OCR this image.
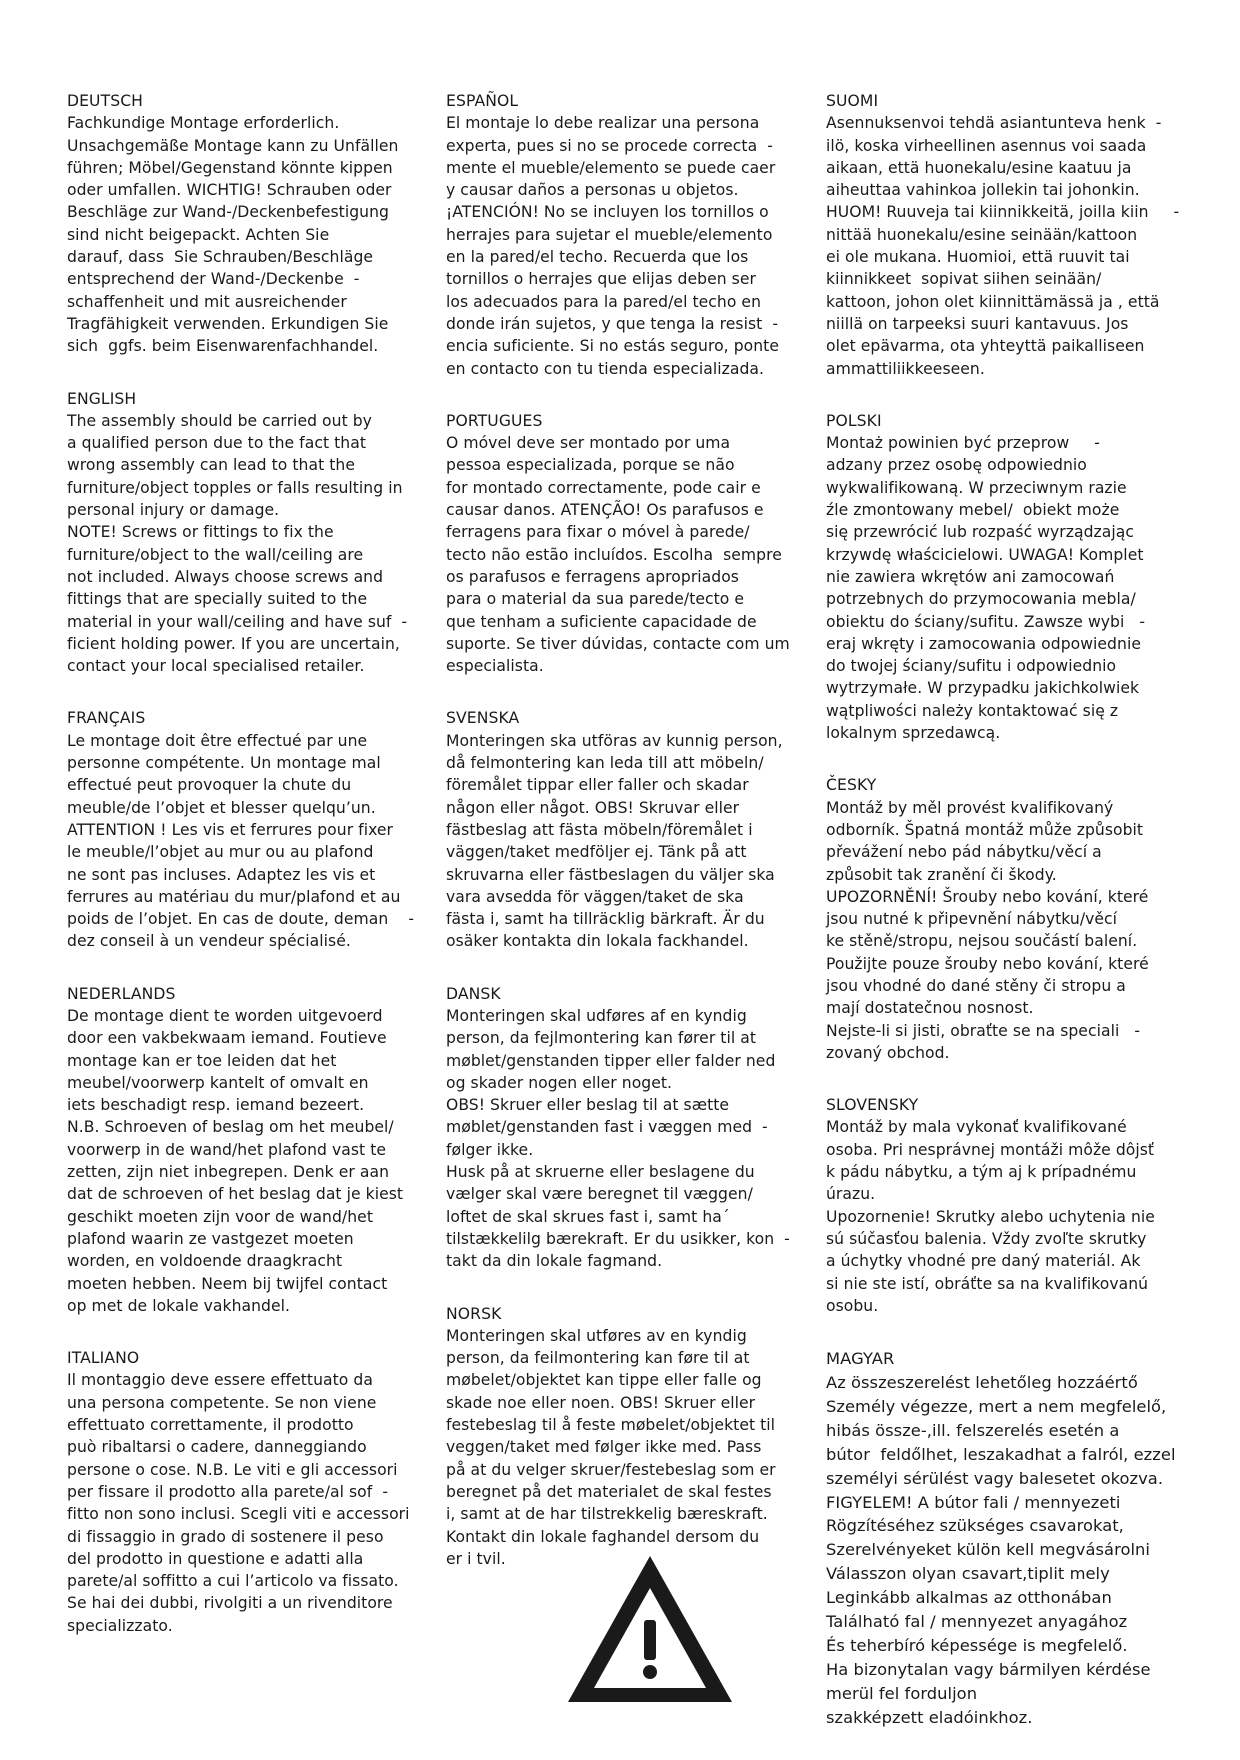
DEUTSCH
Fachkundige Montage erforderlich.
Unsachgemäße Montage kann zu Unfällen
führen; Möbel/Gegenstand könnte kippen
oder umfallen. WICHTIG! Schrauben oder
Beschläge zur Wand-/Deckenbefestigung
sind nicht beigepackt. Achten Sie
darauf, dass  Sie Schrauben/Beschläge
entsprechend der Wand-/Deckenbe  -
schaffenheit und mit ausreichender
Tragfähigkeit verwenden. Erkundigen Sie
sich  ggfs. beim Eisenwarenfachhandel.
ENGLISH
The assembly should be carried out by
a qualified person due to the fact that
wrong assembly can lead to that the
furniture/object topples or falls resulting in
personal injury or damage.
NOTE! Screws or fittings to fix the
furniture/object to the wall/ceiling are
not included. Always choose screws and
fittings that are specially suited to the
material in your wall/ceiling and have suf  -
ficient holding power. If you are uncertain,
contact your local specialised retailer.
FRANÇAIS
Le montage doit être effectué par une
personne compétente. Un montage mal
effectué peut provoquer la chute du
meuble/de l’objet et blesser quelqu’un.
ATTENTION ! Les vis et ferrures pour fixer
le meuble/l’objet au mur ou au plafond
ne sont pas incluses. Adaptez les vis et
ferrures au matériau du mur/plafond et au
poids de l’objet. En cas de doute, deman    -
dez conseil à un vendeur spécialisé.
NEDERLANDS
De montage dient te worden uitgevoerd
door een vakbekwaam iemand. Foutieve
montage kan er toe leiden dat het
meubel/voorwerp kantelt of omvalt en
iets beschadigt resp. iemand bezeert.
N.B. Schroeven of beslag om het meubel/
voorwerp in de wand/het plafond vast te
zetten, zijn niet inbegrepen. Denk er aan
dat de schroeven of het beslag dat je kiest
geschikt moeten zijn voor de wand/het
plafond waarin ze vastgezet moeten
worden, en voldoende draagkracht
moeten hebben. Neem bij twijfel contact
op met de lokale vakhandel.
ITALIANO
Il montaggio deve essere effettuato da
una persona competente. Se non viene
effettuato correttamente, il prodotto
può ribaltarsi o cadere, danneggiando
persone o cose. N.B. Le viti e gli accessori
per fissare il prodotto alla parete/al sof  -
fitto non sono inclusi. Scegli viti e accessori
di fissaggio in grado di sostenere il peso
del prodotto in questione e adatti alla
parete/al soffitto a cui l’articolo va fissato.
Se hai dei dubbi, rivolgiti a un rivenditore
specializzato.
ESPAÑOL
El montaje lo debe realizar una persona
experta, pues si no se procede correcta  -
mente el mueble/elemento se puede caer
y causar daños a personas u objetos.
¡ATENCIÓN! No se incluyen los tornillos o
herrajes para sujetar el mueble/elemento
en la pared/el techo. Recuerda que los
tornillos o herrajes que elijas deben ser
los adecuados para la pared/el techo en
donde irán sujetos, y que tenga la resist  -
encia suficiente. Si no estás seguro, ponte
en contacto con tu tienda especializada.
PORTUGUES
O móvel deve ser montado por uma
pessoa especializada, porque se não
for montado correctamente, pode cair e
causar danos. ATENÇÃO! Os parafusos e
ferragens para fixar o móvel à parede/
tecto não estão incluídos. Escolha  sempre
os parafusos e ferragens apropriados
para o material da sua parede/tecto e
que tenham a suficiente capacidade de
suporte. Se tiver dúvidas, contacte com um
especialista.
SVENSKA
Monteringen ska utföras av kunnig person,
då felmontering kan leda till att möbeln/
föremålet tippar eller faller och skadar
någon eller något. OBS! Skruvar eller
fästbeslag att fästa möbeln/föremålet i
väggen/taket medföljer ej. Tänk på att
skruvarna eller fästbeslagen du väljer ska
vara avsedda för väggen/taket de ska
fästa i, samt ha tillräcklig bärkraft. Är du
osäker kontakta din lokala fackhandel.
DANSK
Monteringen skal udføres af en kyndig
person, da fejlmontering kan fører til at
møblet/genstanden tipper eller falder ned
og skader nogen eller noget.
OBS! Skruer eller beslag til at sætte
møblet/genstanden fast i væggen med  -
følger ikke.
Husk på at skruerne eller beslagene du
vælger skal være beregnet til væggen/
loftet de skal skrues fast i, samt ha´
tilstækkelilg bærekraft. Er du usikker, kon  -
takt da din lokale fagmand.
NORSK
Monteringen skal utføres av en kyndig
person, da feilmontering kan føre til at
møbelet/objektet kan tippe eller falle og
skade noe eller noen. OBS! Skruer eller
festebeslag til å feste møbelet/objektet til
veggen/taket med følger ikke med. Pass
på at du velger skruer/festebeslag som er
beregnet på det materialet de skal festes
i, samt at de har tilstrekkelig bæreskraft.
Kontakt din lokale faghandel dersom du
er i tvil.
SUOMI
Asennuksenvoi tehdä asiantunteva henk  -
ilö, koska virheellinen asennus voi saada
aikaan, että huonekalu/esine kaatuu ja
aiheuttaa vahinkoa jollekin tai johonkin.
HUOM! Ruuveja tai kiinnikkeitä, joilla kiin     -
nittää huonekalu/esine seinään/kattoon
ei ole mukana. Huomioi, että ruuvit tai
kiinnikkeet  sopivat siihen seinään/
kattoon, johon olet kiinnittämässä ja , että
niillä on tarpeeksi suuri kantavuus. Jos
olet epävarma, ota yhteyttä paikalliseen
ammattiliikkeeseen.
POLSKI
Montaż powinien być przeprow     -
adzany przez osobę odpowiednio
wykwalifikowaną. W przeciwnym razie
źle zmontowany mebel/  obiekt może
się przewrócić lub rozpaść wyrządzając
krzywdę właścicielowi. UWAGA! Komplet
nie zawiera wkrętów ani zamocowań
potrzebnych do przymocowania mebla/
obiektu do ściany/sufitu. Zawsze wybi   -
eraj wkręty i zamocowania odpowiednie
do twojej ściany/sufitu i odpowiednio
wytrzymałe. W przypadku jakichkolwiek
wątpliwości należy kontaktować się z
lokalnym sprzedawcą.
ČESKY
Montáž by měl provést kvalifikovaný
odborník. Špatná montáž může způsobit
převážení nebo pád nábytku/věcí a
způsobit tak zranění či škody.
UPOZORNĚNÍ! Šrouby nebo kování, které
jsou nutné k připevnění nábytku/věcí
ke stěně/stropu, nejsou součástí balení.
Použijte pouze šrouby nebo kování, které
jsou vhodné do dané stěny či stropu a
mají dostatečnou nosnost.
Nejste-li si jisti, obraťte se na speciali   -
zovaný obchod.
SLOVENSKY
Montáž by mala vykonať kvalifikované
osoba. Pri nesprávnej montáži môže dôjsť
k pádu nábytku, a tým aj k prípadnému
úrazu.
Upozornenie! Skrutky alebo uchytenia nie
sú súčasťou balenia. Vždy zvoľte skrutky
a úchytky vhodné pre daný materiál. Ak
si nie ste istí, obráťte sa na kvalifikovanú
osobu.
MAGYAR
Az összeszerelést lehetőleg hozzáértő
Személy végezze, mert a nem megfelelő,
hibás össze-,ill. felszerelés esetén a
bútor  feldőlhet, leszakadhat a falról, ezzel
személyi sérülést vagy balesetet okozva.
FIGYELEM! A bútor fali / mennyezeti
Rögzítéséhez szükséges csavarokat,
Szerelvényeket külön kell megvásárolni
Válasszon olyan csavart,tiplit mely
Leginkább alkalmas az otthonában
Található fal / mennyezet anyagához
És teherbíró képessége is megfelelő.
Ha bizonytalan vagy bármilyen kérdése
merül fel forduljon
szakképzett eladóinkhoz.
